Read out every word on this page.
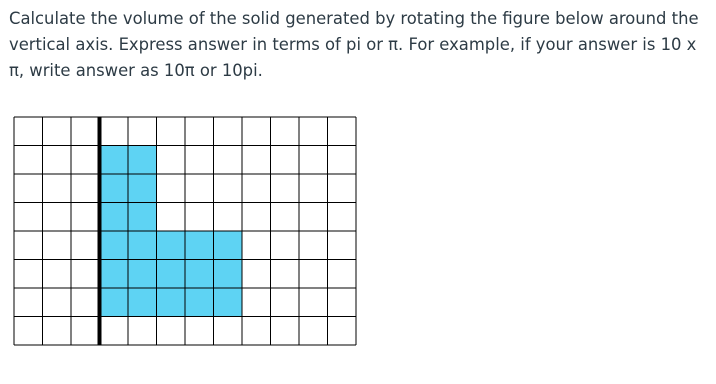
Calculate the volume of the solid generated by rotating the figure below around the vertical axis. Express answer in terms of pi or π. For example, if your answer is 10 x π, write answer as 10π or 10pi.
